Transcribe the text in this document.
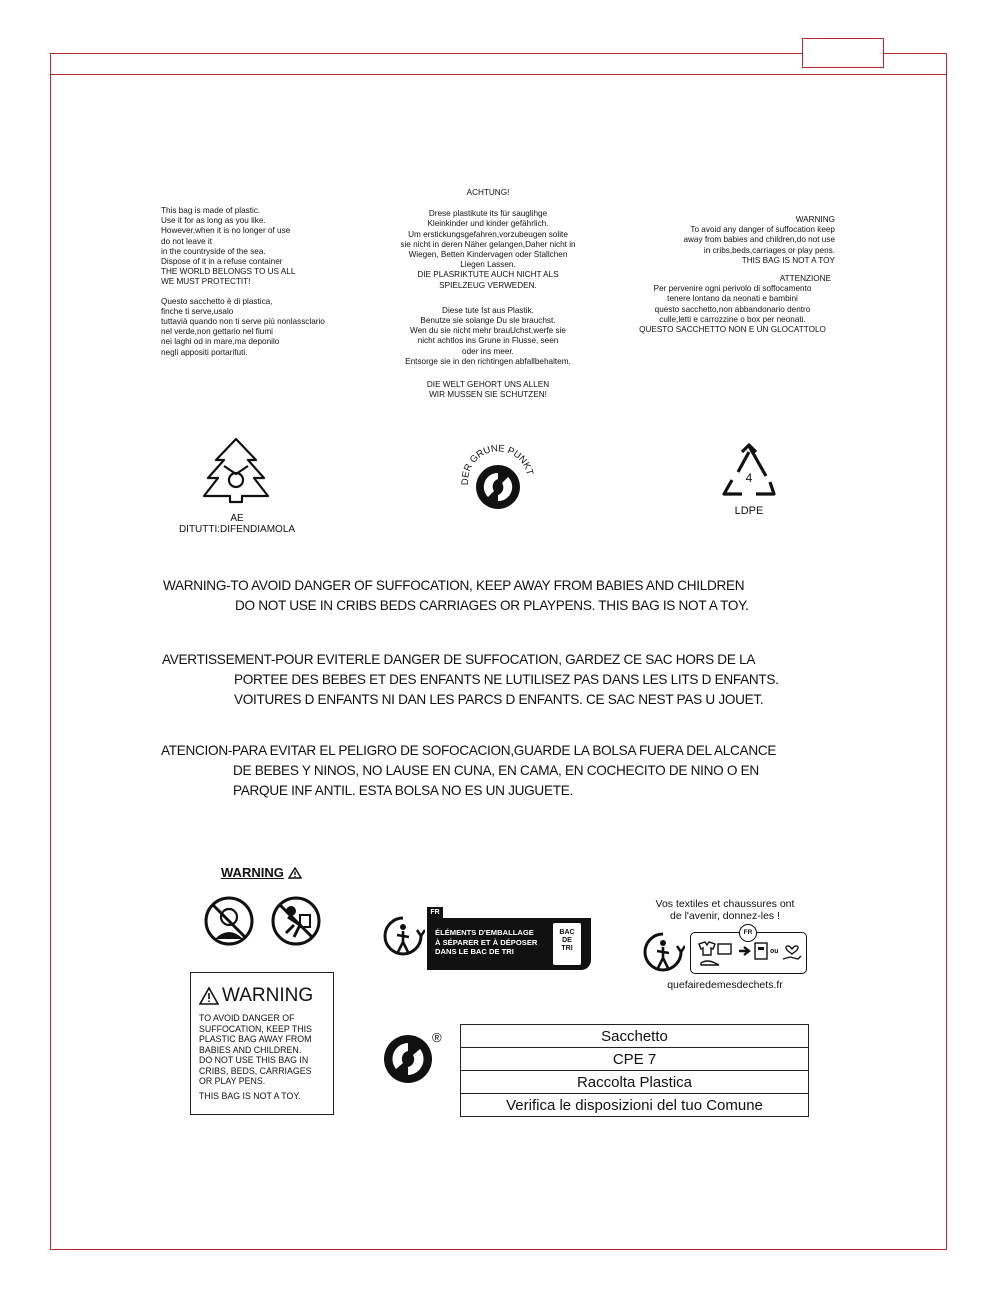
This bag is made of plastic.

Use it for as long as you like.

However,when it is no longer of use

do not leave it

in the countryside of the sea.

Dispose of it in a refuse container

THE WORLD BELONGS TO US ALL

WE MUST PROTECTIT!

Questo sacchetto è di plastica,

finche ti serve,usalo

tuttavià quando non ti serve più nonlassclario

nel verde,non gettario nel fiumi

nei laghi od in mare,ma deponilo

negli appositi portarifuti.

ACHTUNG!

Drese plastikute its für sauglihge

Kleinkinder und kinder gefährlich.

Um erstickungsgefahren,vorzubeugen solite

sie nicht in deren Näher gelangen,Daher nicht in

Wiegen, Betten Kindervagen oder Stallchen

Liegen Lassen.

DIE PLASRIKTUTE AUCH NICHT ALS

SPIELZEUG VERWEDEN.

Diese tute Ist aus Plastik.

Benutze sie solange Du sle brauchst.

Wen du sie nicht mehr brauUchst,werfe sie

nicht achtlos ins Grune in Flusse, seen

oder ins meer.

Entsorge sie in den richtingen abfallbehaltem.

DIE WELT GEHORT UNS ALLEN

WIR MUSSEN SIE SCHUTZEN!

WARNING

To avoid any danger of suffocation keep

away from babies and children,do not use

in cribs,beds,carriages or play pens.

THIS BAG IS NOT A TOY

ATTENZIONE

Per pervenire ogni perivolo di soffocamento

tenere lontano da neonati e bambini

questo sacchetto,non abbandonario dentro

culle,letti e carrozzine o box per neonati.

QUESTO SACCHETTO NON E UN GLOCATTOLO

AE DITUTTI:DIFENDIAMOLA
DER GRUNE PUNKT	4
LDPE
WARNING-TO AVOID DANGER OF SUFFOCATION, KEEP AWAY FROM BABIES AND CHILDREN
DO NOT USE IN CRIBS BEDS CARRIAGES OR PLAYPENS. THIS BAG IS NOT A TOY.
AVERTISSEMENT-POUR EVITERLE DANGER DE SUFFOCATION, GARDEZ CE SAC HORS DE LA
PORTEE DES BEBES ET DES ENFANTS NE LUTILISEZ PAS DANS LES LITS D ENFANTS.
VOITURES D ENFANTS NI DAN LES PARCS D ENFANTS. CE SAC NEST PAS U JOUET.
ATENCION-PARA EVITAR EL PELIGRO DE SOFOCACION,GUARDE LA BOLSA FUERA DEL ALCANCE
DE BEBES Y NINOS, NO LAUSE EN CUNA, EN CAMA, EN COCHECITO DE NINO O EN
PARQUE INF ANTIL. ESTA BOLSA NO ES UN JUGUETE.
WARNING
WARNING

TO AVOID DANGER OF

SUFFOCATION, KEEP THIS

PLASTIC BAG AWAY FROM

BABIES AND CHILDREN.

DO NOT USE THIS BAG IN

CRIBS, BEDS, CARRIAGES

OR PLAY PENS.

THIS BAG IS NOT A TOY.

FR
ÉLÉMENTS D'EMBALLAGE
À SÉPARER ET À DÉPOSER
DANS LE BAC DE TRI
BAC
DE
TRI
Vos textiles et chaussures ont
de l'avenir, donnez-les !
FR
ou
quefairedemesdechets.fr
®	Sacchetto
CPE 7
Raccolta Plastica
Verifica le disposizioni del tuo Comune
